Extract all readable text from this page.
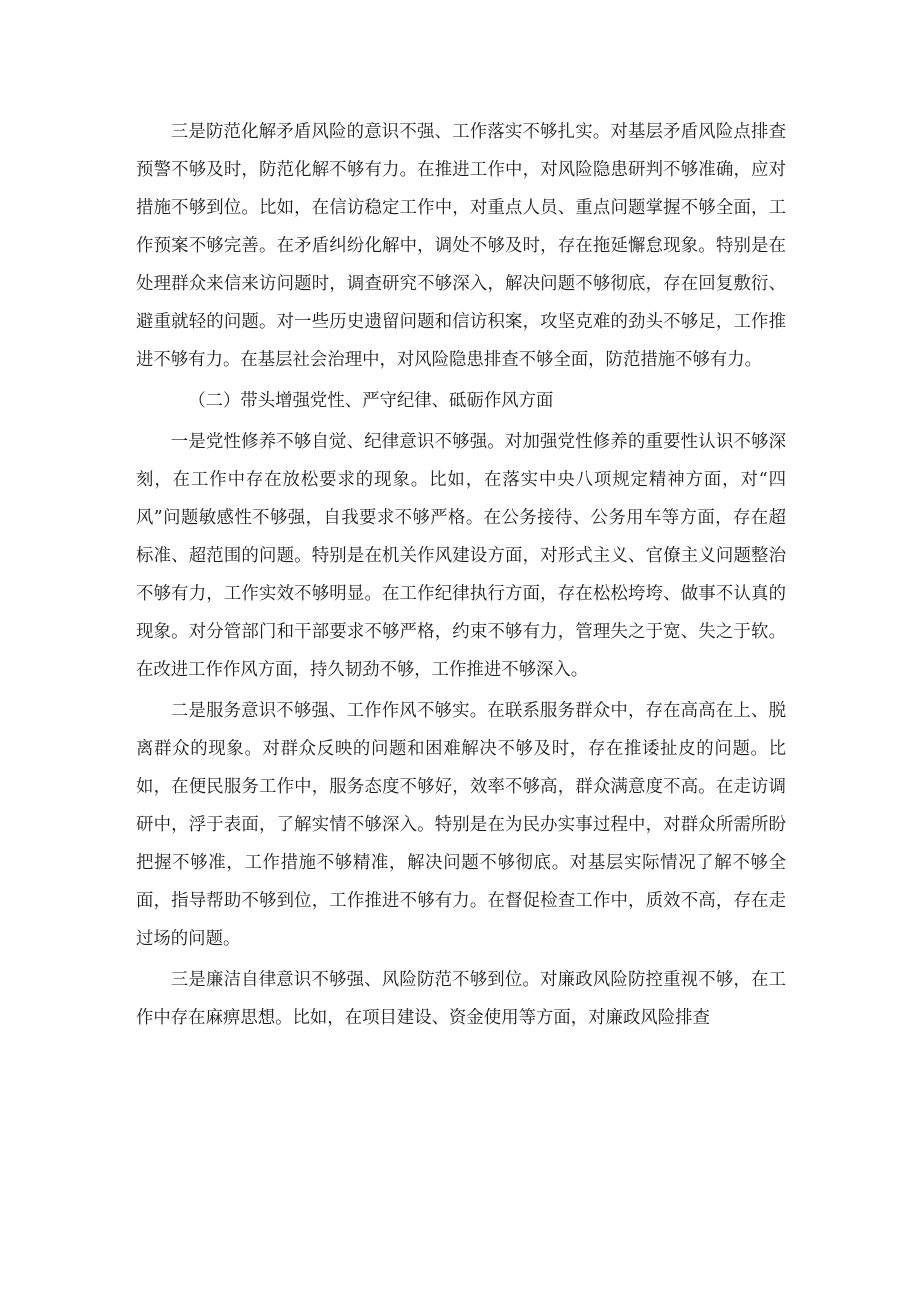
三是防范化解矛盾风险的意识不强、工作落实不够扎实。对基层矛盾风险点排查预警不够及时，防范化解不够有力。在推进工作中，对风险隐患研判不够准确，应对措施不够到位。比如，在信访稳定工作中，对重点人员、重点问题掌握不够全面，工作预案不够完善。在矛盾纠纷化解中，调处不够及时，存在拖延懈怠现象。特别是在处理群众来信来访问题时，调查研究不够深入，解决问题不够彻底，存在回复敷衍、避重就轻的问题。对一些历史遗留问题和信访积案，攻坚克难的劲头不够足，工作推进不够有力。在基层社会治理中，对风险隐患排查不够全面，防范措施不够有力。

（二）带头增强党性、严守纪律、砥砺作风方面

一是党性修养不够自觉、纪律意识不够强。对加强党性修养的重要性认识不够深刻，在工作中存在放松要求的现象。比如，在落实中央八项规定精神方面，对“四风”问题敏感性不够强，自我要求不够严格。在公务接待、公务用车等方面，存在超标准、超范围的问题。特别是在机关作风建设方面，对形式主义、官僚主义问题整治不够有力，工作实效不够明显。在工作纪律执行方面，存在松松垮垮、做事不认真的现象。对分管部门和干部要求不够严格，约束不够有力，管理失之于宽、失之于软。在改进工作作风方面，持久韧劲不够，工作推进不够深入。

二是服务意识不够强、工作作风不够实。在联系服务群众中，存在高高在上、脱离群众的现象。对群众反映的问题和困难解决不够及时，存在推诿扯皮的问题。比如，在便民服务工作中，服务态度不够好，效率不够高，群众满意度不高。在走访调研中，浮于表面，了解实情不够深入。特别是在为民办实事过程中，对群众所需所盼把握不够准，工作措施不够精准，解决问题不够彻底。对基层实际情况了解不够全面，指导帮助不够到位，工作推进不够有力。在督促检查工作中，质效不高，存在走过场的问题。

三是廉洁自律意识不够强、风险防范不够到位。对廉政风险防控重视不够，在工作中存在麻痹思想。比如，在项目建设、资金使用等方面，对廉政风险排查
